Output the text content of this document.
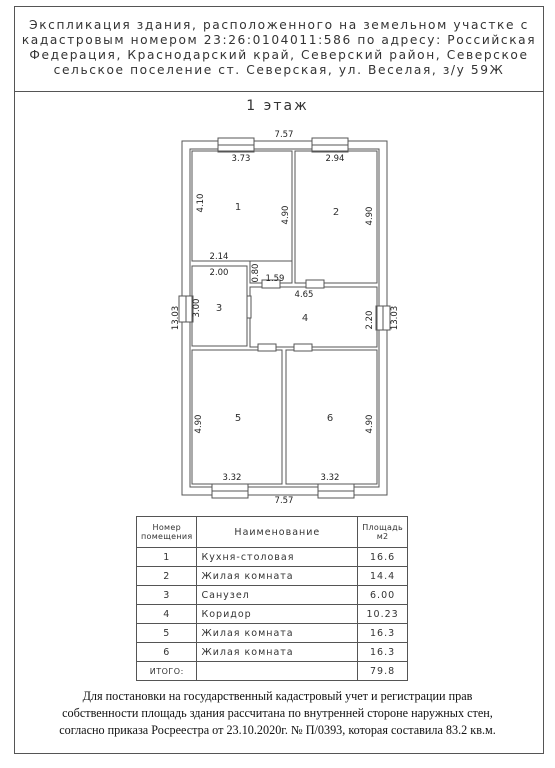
Экспликация здания, расположенного на земельном участке с
кадастровым номером 23:26:0104011:586 по адресу: Российская
Федерация, Краснодарский край, Северский район, Северское
сельское поселение ст. Северская, ул. Веселая, з/у 59Ж
1 этаж
7.57
7.57
13.03	13.03
3.73
4.10
4.90
2.94
4.90
2.14
2.00	0.80 1.59
4.65
3.00
2.20
4.90
3.32
4.90
3.32
1	2
3
4
5	6
Номер помещения	Наименование	Площадь м2
1	Кухня-столовая	16.6
2	Жилая комната	14.4
3	Санузел	6.00
4	Коридор	10.23
5	Жилая комната	16.3
6	Жилая комната	16.3
ИТОГО:		79.8
Для постановки на государственный кадастровый учет и регистрации прав
собственности площадь здания рассчитана по внутренней стороне наружных стен,
согласно приказа Росреестра от 23.10.2020г. № П/0393, которая составила 83.2 кв.м.
